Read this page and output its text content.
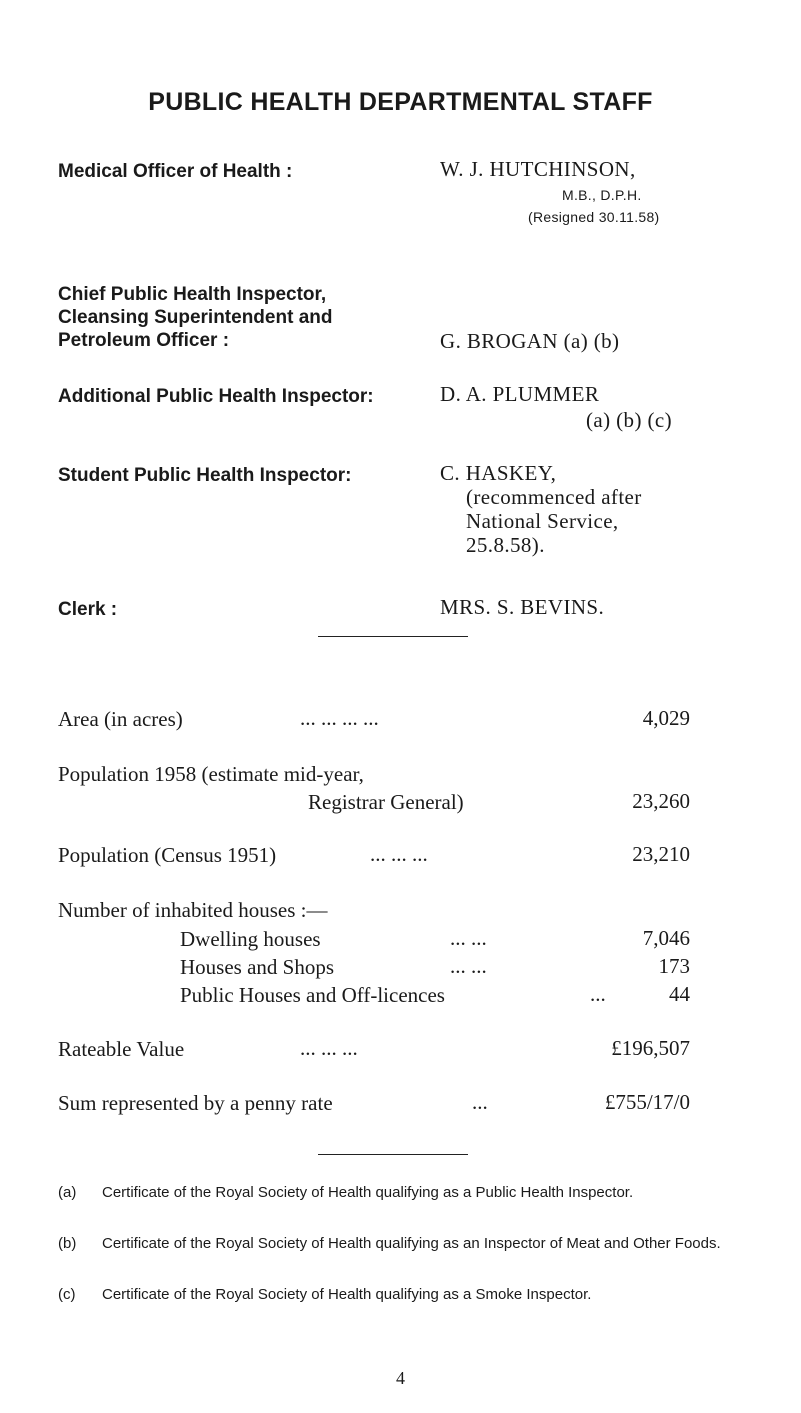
PUBLIC HEALTH DEPARTMENTAL STAFF
Medical Officer of Health :	W. J. HUTCHINSON,
M.B., D.P.H.
(Resigned 30.11.58)
Chief Public Health Inspector,
Cleansing Superintendent and
Petroleum Officer :	G. BROGAN (a) (b)
Additional Public Health Inspector:	D. A. PLUMMER
(a) (b) (c)
Student Public Health Inspector:	C. HASKEY,
(recommenced after
National Service,
25.8.58).
Clerk :	MRS. S. BEVINS.
Area (in acres)	... ... ... ...	4,029
Population 1958 (estimate mid-year,
Registrar General)	23,260
Population (Census 1951)	... ... ...	23,210
Number of inhabited houses :—
Dwelling houses	... ...	7,046
Houses and Shops	... ...	173
Public Houses and Off-licences	...	44
Rateable Value	... ... ...	£196,507
Sum represented by a penny rate	...	£755/17/0
(a) Certificate of the Royal Society of Health qualifying as a Public Health Inspector.
(b) Certificate of the Royal Society of Health qualifying as an Inspector of Meat and Other Foods.
(c) Certificate of the Royal Society of Health qualifying as a Smoke Inspector.
4
